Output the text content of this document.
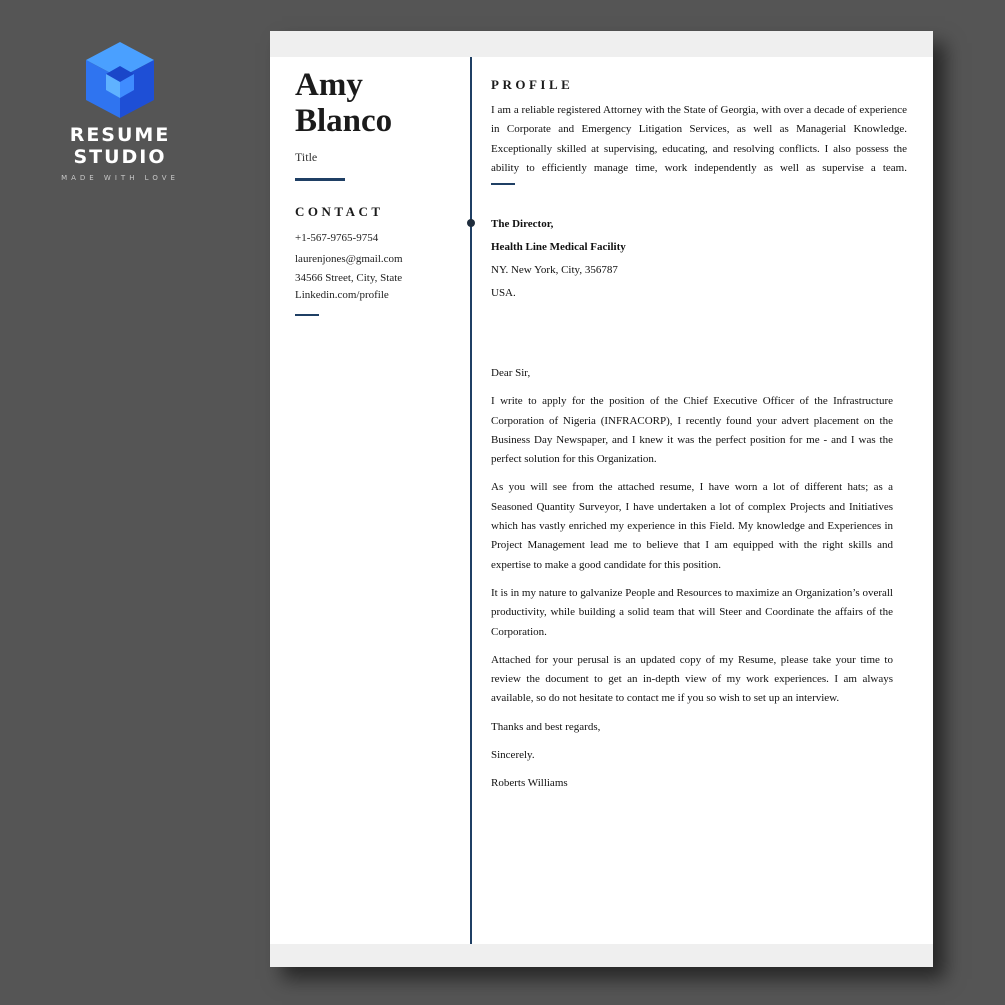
RESUME STUDIO
MADE WITH LOVE
Amy
Blanco
Title
CONTACT
+1-567-9765-9754
laurenjones@gmail.com
34566 Street, City, State
Linkedin.com/profile
PROFILE
I am a reliable registered Attorney with the State of Georgia, with over a decade of experience in Corporate and Emergency Litigation Services, as well as Managerial Knowledge. Exceptionally skilled at supervising, educating, and resolving conflicts. I also possess the ability to efficiently manage time, work independently as well as supervise a team.
The Director,
Health Line Medical Facility
NY. New York, City, 356787
USA.

Dear Sir,

I write to apply for the position of the Chief Executive Officer of the Infrastructure Corporation of Nigeria (INFRACORP), I recently found your advert placement on the Business Day Newspaper, and I knew it was the perfect position for me - and I was the perfect solution for this Organization.

As you will see from the attached resume, I have worn a lot of different hats; as a Seasoned Quantity Surveyor, I have undertaken a lot of complex Projects and Initiatives which has vastly enriched my experience in this Field. My knowledge and Experiences in Project Management lead me to believe that I am equipped with the right skills and expertise to make a good candidate for this position.

It is in my nature to galvanize People and Resources to maximize an Organization’s overall productivity, while building a solid team that will Steer and Coordinate the affairs of the Corporation.

Attached for your perusal is an updated copy of my Resume, please take your time to review the document to get an in-depth view of my work experiences. I am always available, so do not hesitate to contact me if you so wish to set up an interview.

Thanks and best regards,

Sincerely.

Roberts Williams
